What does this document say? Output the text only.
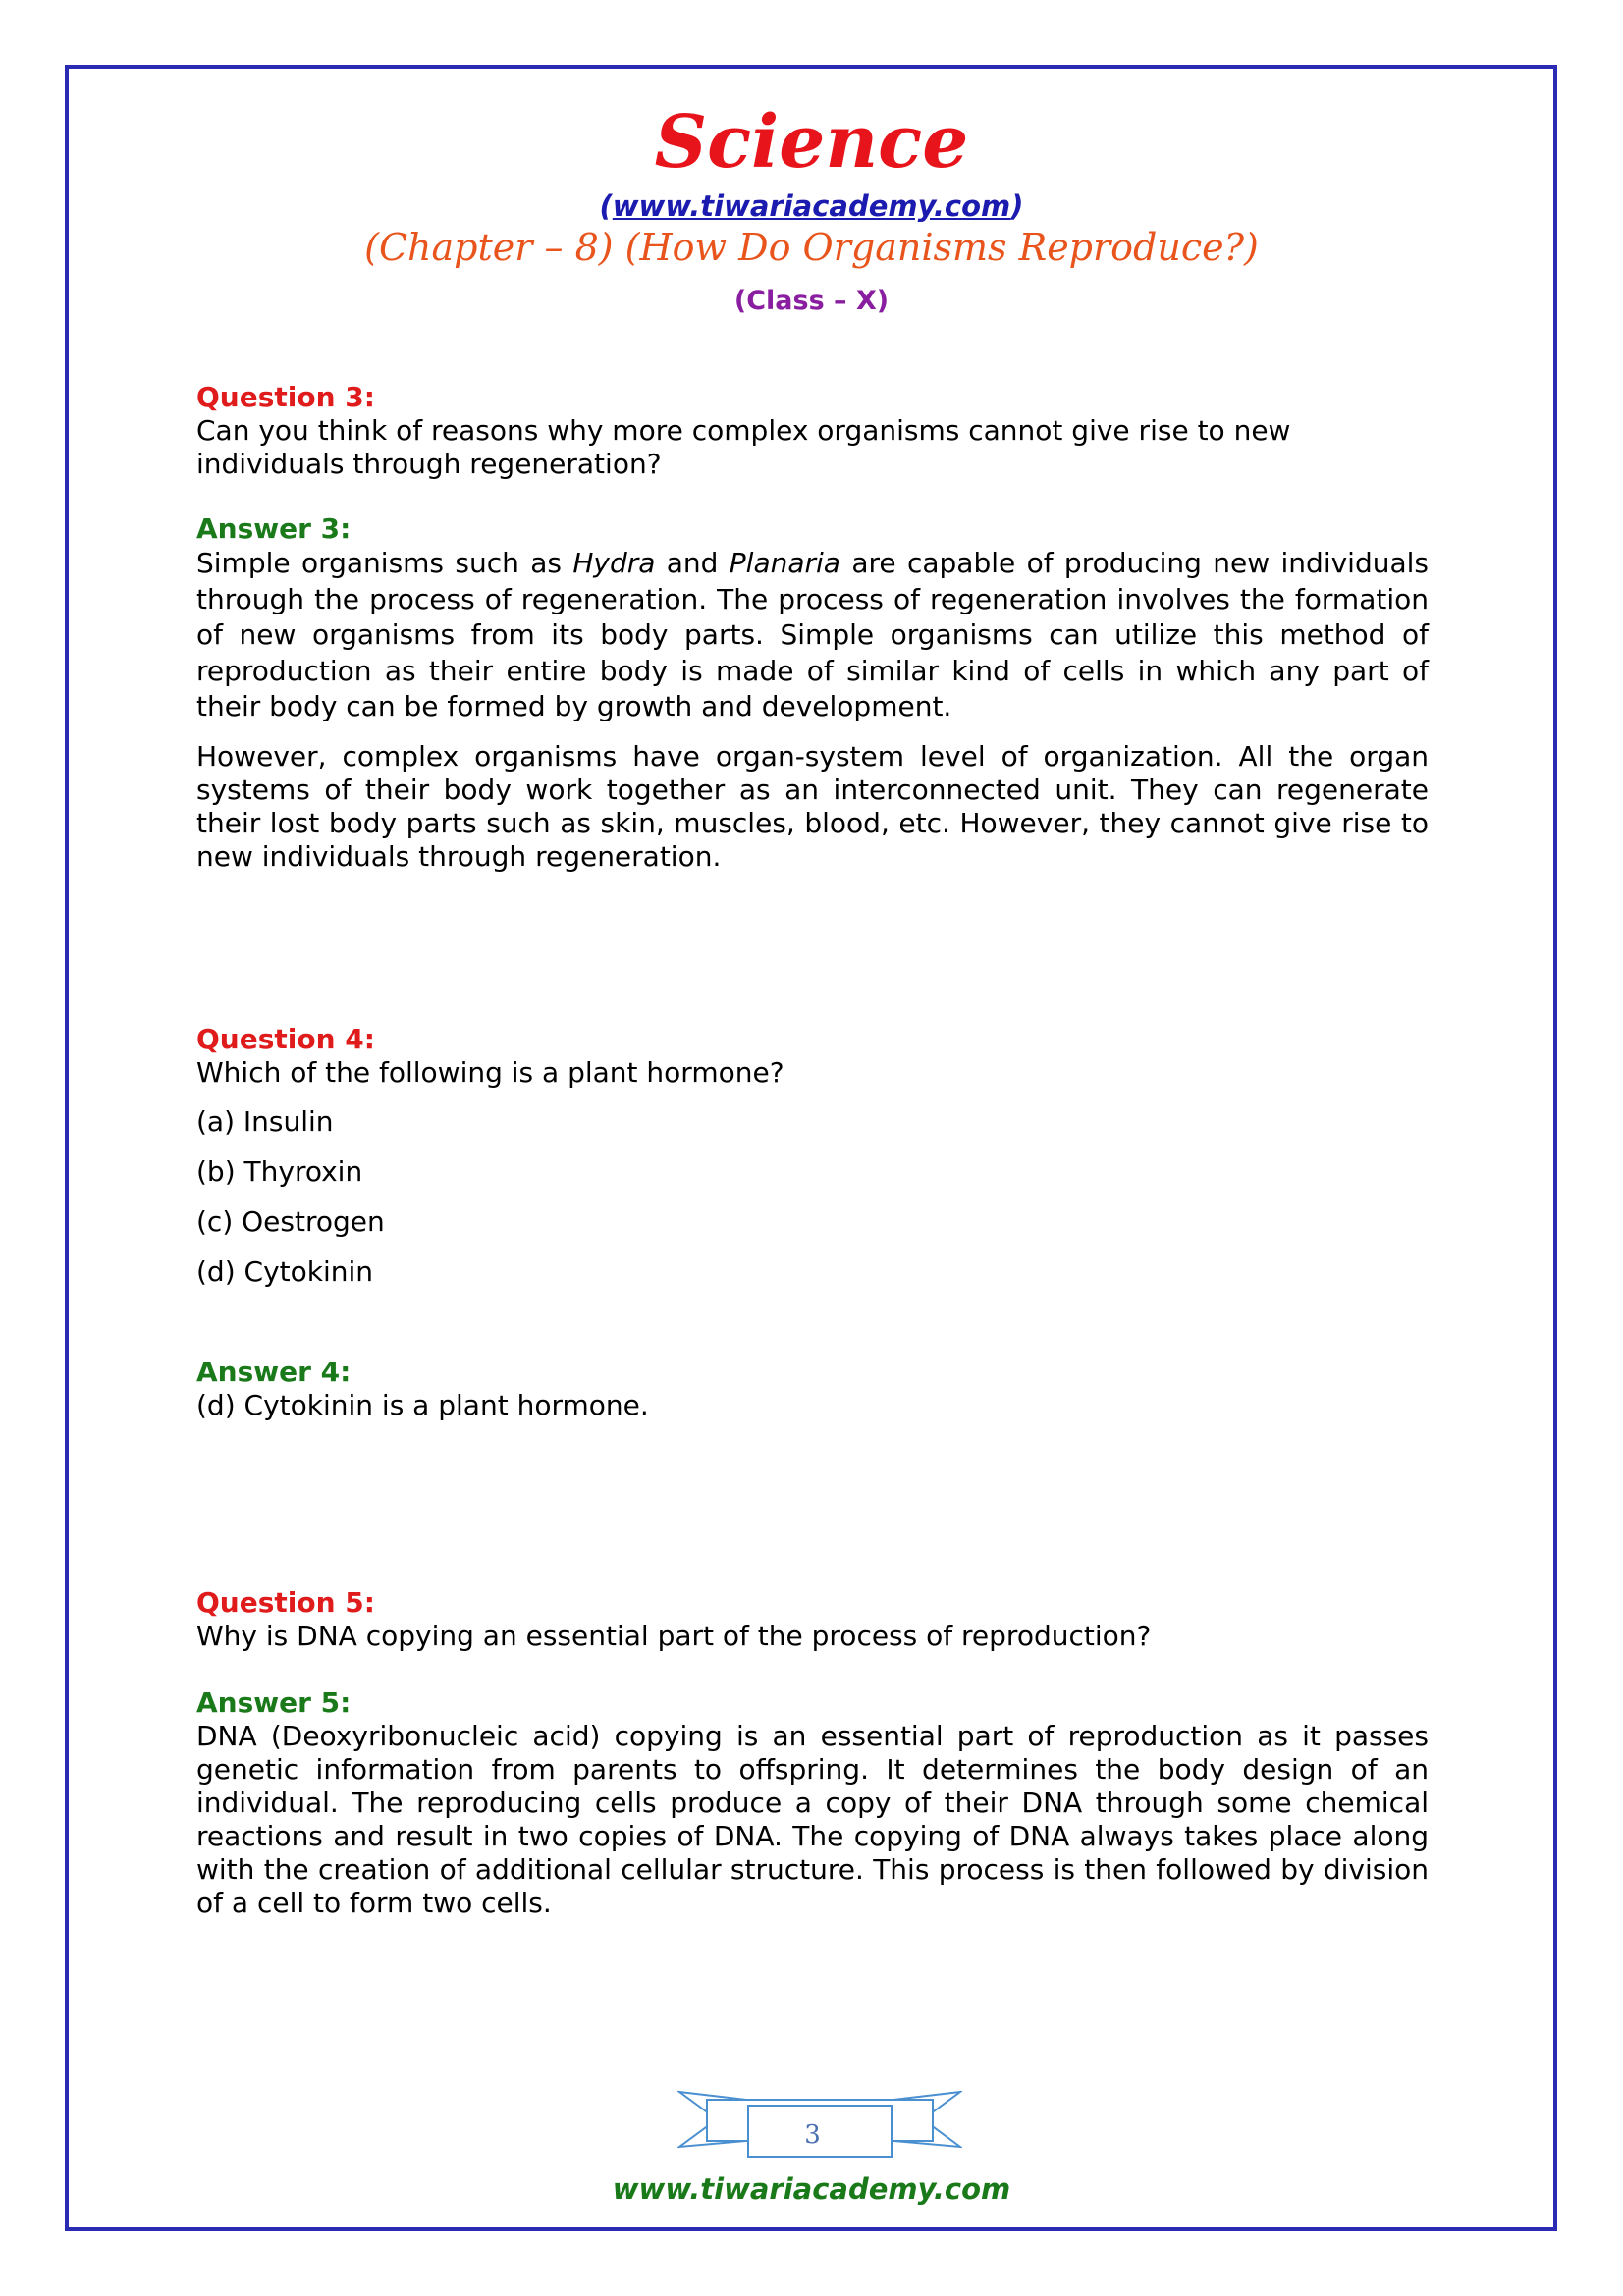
Science
(www.tiwariacademy.com)
(Chapter – 8) (How Do Organisms Reproduce?)
(Class – X)
Question 3:
Can you think of reasons why more complex organisms cannot give rise to new individuals through regeneration?
Answer 3:
Simple organisms such as Hydra and Planaria are capable of producing new individuals through the process of regeneration. The process of regeneration involves the formation of new organisms from its body parts. Simple organisms can utilize this method of reproduction as their entire body is made of similar kind of cells in which any part of their body can be formed by growth and development.
However, complex organisms have organ-system level of organization. All the organ systems of their body work together as an interconnected unit. They can regenerate their lost body parts such as skin, muscles, blood, etc. However, they cannot give rise to new individuals through regeneration.
Question 4:
Which of the following is a plant hormone?
(a) Insulin
(b) Thyroxin
(c) Oestrogen
(d) Cytokinin
Answer 4:
(d) Cytokinin is a plant hormone.
Question 5:
Why is DNA copying an essential part of the process of reproduction?
Answer 5:
DNA (Deoxyribonucleic acid) copying is an essential part of reproduction as it passes genetic information from parents to offspring. It determines the body design of an individual. The reproducing cells produce a copy of their DNA through some chemical reactions and result in two copies of DNA. The copying of DNA always takes place along with the creation of additional cellular structure. This process is then followed by division of a cell to form two cells.
3
www.tiwariacademy.com
